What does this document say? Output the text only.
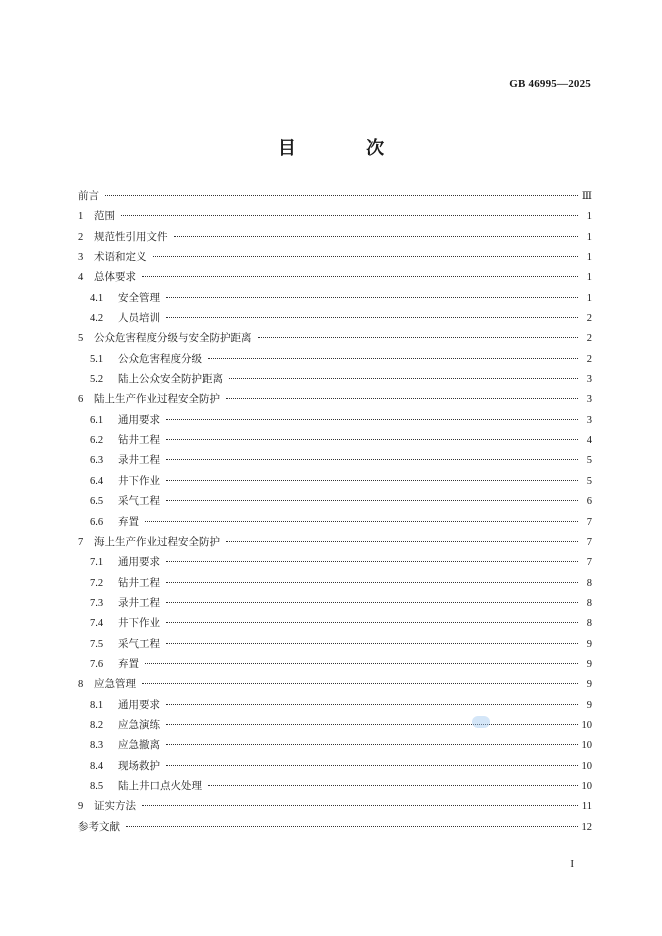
GB 46995—2025
目 次
前言	Ⅲ
1	范围	1
2	规范性引用文件	1
3	术语和定义	1
4	总体要求	1
4.1	安全管理	1
4.2	人员培训	2
5	公众危害程度分级与安全防护距离	2
5.1	公众危害程度分级	2
5.2	陆上公众安全防护距离	3
6	陆上生产作业过程安全防护	3
6.1	通用要求	3
6.2	钻井工程	4
6.3	录井工程	5
6.4	井下作业	5
6.5	采气工程	6
6.6	弃置	7
7	海上生产作业过程安全防护	7
7.1	通用要求	7
7.2	钻井工程	8
7.3	录井工程	8
7.4	井下作业	8
7.5	采气工程	9
7.6	弃置	9
8	应急管理	9
8.1	通用要求	9
8.2	应急演练	10
8.3	应急撤离	10
8.4	现场救护	10
8.5	陆上井口点火处理	10
9	证实方法	11
参考文献	12
I
